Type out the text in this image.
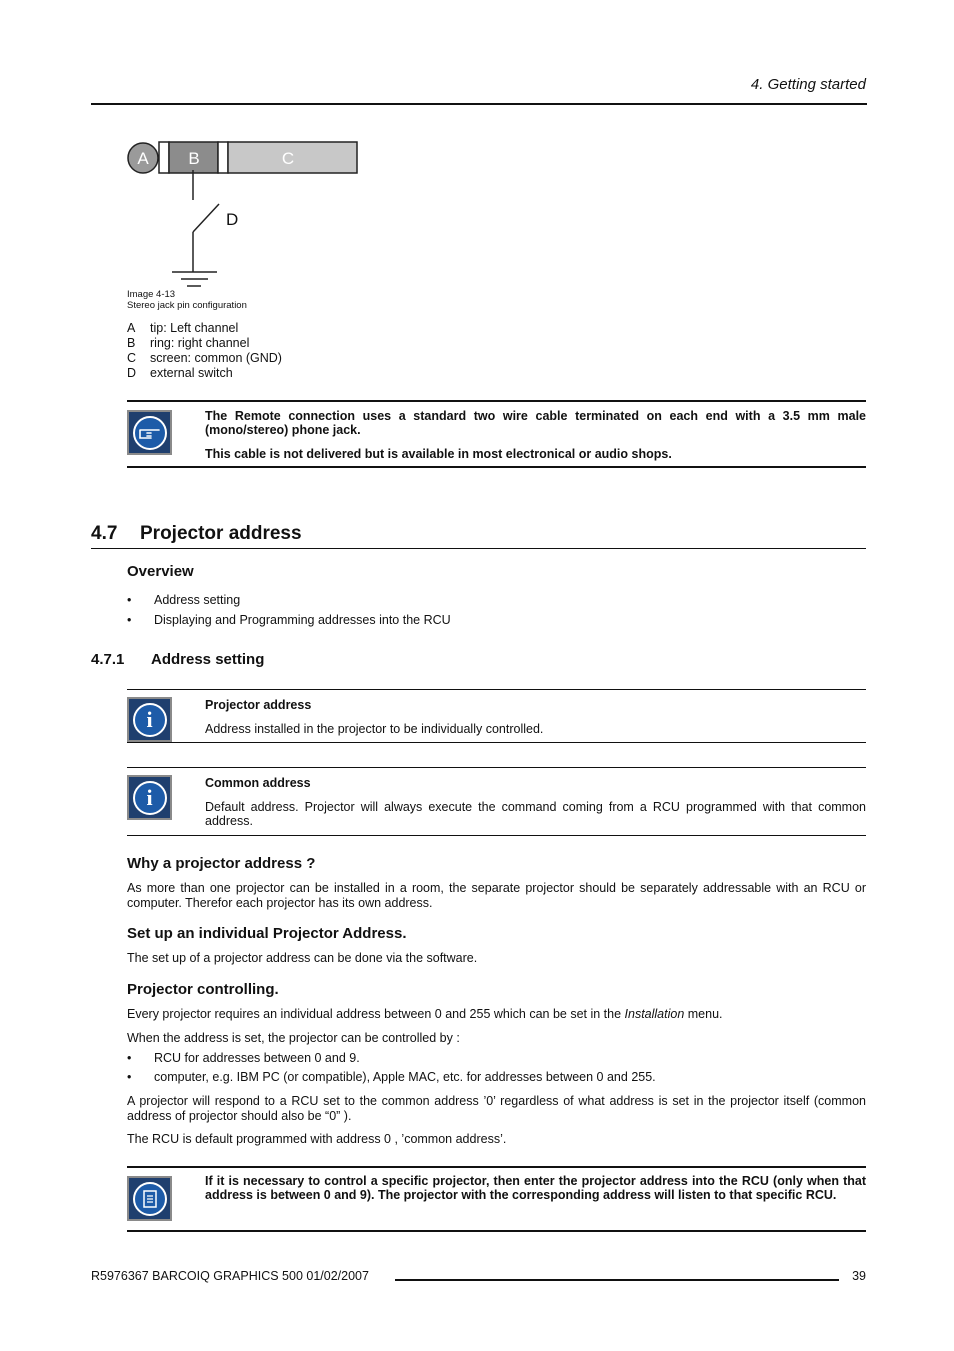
4. Getting started
A B	C
D
Image 4-13
Stereo jack pin configuration
A tip: Left channel
B ring: right channel
C screen: common (GND)
D external switch
The Remote connection uses a standard two wire cable terminated on each end with a 3.5 mm male (mono/stereo) phone jack.
This cable is not delivered but is available in most electronical or audio shops.
4.7 Projector address
Overview
• Address setting
• Displaying and Programming addresses into the RCU
4.7.1 Address setting
i
Projector address
Address installed in the projector to be individually controlled.
i
Common address
Default address. Projector will always execute the command coming from a RCU programmed with that common address.
Why a projector address ?
As more than one projector can be installed in a room, the separate projector should be separately addressable with an RCU or computer. Therefor each projector has its own address.
Set up an individual Projector Address.
The set up of a projector address can be done via the software.
Projector controlling.
Every projector requires an individual address between 0 and 255 which can be set in the Installation menu.
When the address is set, the projector can be controlled by :
• RCU for addresses between 0 and 9.
• computer, e.g. IBM PC (or compatible), Apple MAC, etc. for addresses between 0 and 255.
A projector will respond to a RCU set to the common address ’0’ regardless of what address is set in the projector itself (common address of projector should also be “0” ).
The RCU is default programmed with address 0 , ’common address’.
If it is necessary to control a specific projector, then enter the projector address into the RCU (only when that address is between 0 and 9). The projector with the corresponding address will listen to that specific RCU.
R5976367 BARCOIQ GRAPHICS 500 01/02/2007	39
